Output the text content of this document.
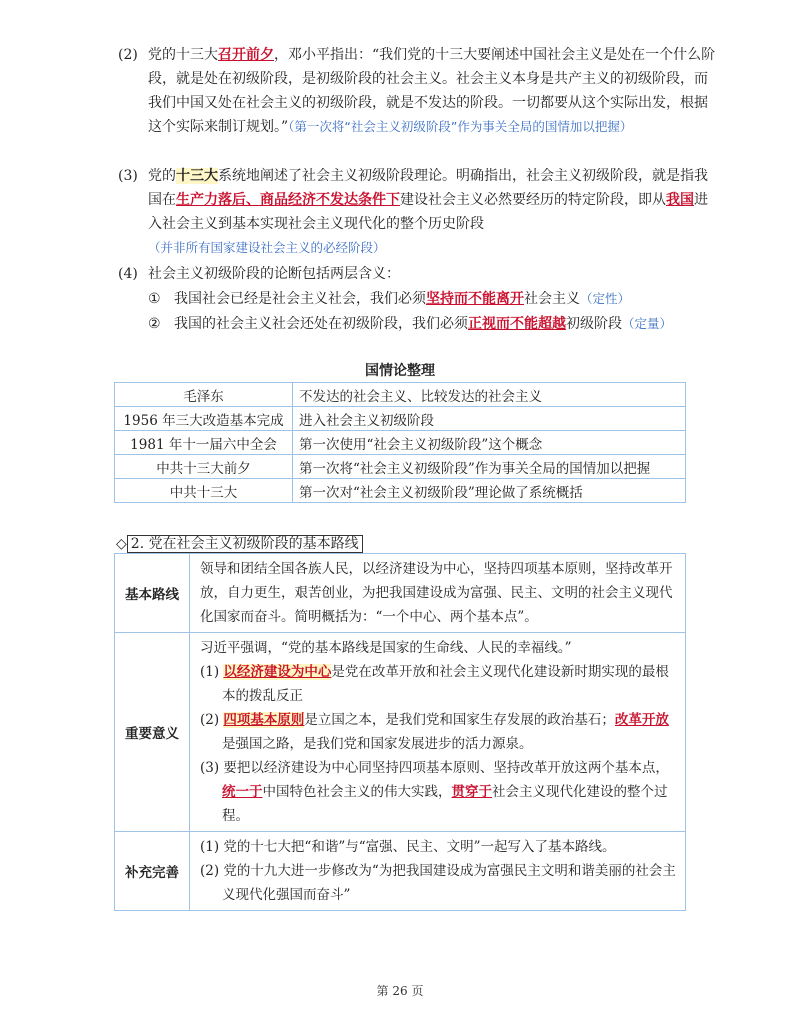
(2) 党的十三大召开前夕，邓小平指出：“我们党的十三大要阐述中国社会主义是处在一个什么阶段，就是处在初级阶段，是初级阶段的社会主义。社会主义本身是共产主义的初级阶段，而我们中国又处在社会主义的初级阶段，就是不发达的阶段。一切都要从这个实际出发，根据这个实际来制订规划。”（第一次将“社会主义初级阶段”作为事关全局的国情加以把握）
(3) 党的十三大系统地阐述了社会主义初级阶段理论。明确指出，社会主义初级阶段，就是指我国在生产力落后、商品经济不发达条件下建设社会主义必然要经历的特定阶段，即从我国进入社会主义到基本实现社会主义现代化的整个历史阶段（并非所有国家建设社会主义的必经阶段）
(4) 社会主义初级阶段的论断包括两层含义：
① 我国社会已经是社会主义社会，我们必须坚持而不能离开社会主义（定性）
② 我国的社会主义社会还处在初级阶段，我们必须正视而不能超越初级阶段（定量）
国情论整理
毛泽东	不发达的社会主义、比较发达的社会主义
1956 年三大改造基本完成	进入社会主义初级阶段
1981 年十一届六中全会	第一次使用“社会主义初级阶段”这个概念
中共十三大前夕	第一次将“社会主义初级阶段”作为事关全局的国情加以把握
中共十三大	第一次对“社会主义初级阶段”理论做了系统概括
◇ 2. 党在社会主义初级阶段的基本路线
基本路线	领导和团结全国各族人民，以经济建设为中心，坚持四项基本原则，坚持改革开放，自力更生，艰苦创业，为把我国建设成为富强、民主、文明的社会主义现代化国家而奋斗。简明概括为：“一个中心、两个基本点”。
重要意义	习近平强调，“党的基本路线是国家的生命线、人民的幸福线。”
(1) 以经济建设为中心是党在改革开放和社会主义现代化建设新时期实现的最根本的拨乱反正
(2) 四项基本原则是立国之本，是我们党和国家生存发展的政治基石；改革开放是强国之路，是我们党和国家发展进步的活力源泉。
(3) 要把以经济建设为中心同坚持四项基本原则、坚持改革开放这两个基本点，统一于中国特色社会主义的伟大实践，贯穿于社会主义现代化建设的整个过程。

补充完善	(1) 党的十七大把“和谐”与“富强、民主、文明”一起写入了基本路线。
(2) 党的十九大进一步修改为“为把我国建设成为富强民主文明和谐美丽的社会主义现代化强国而奋斗”
第 26 页
